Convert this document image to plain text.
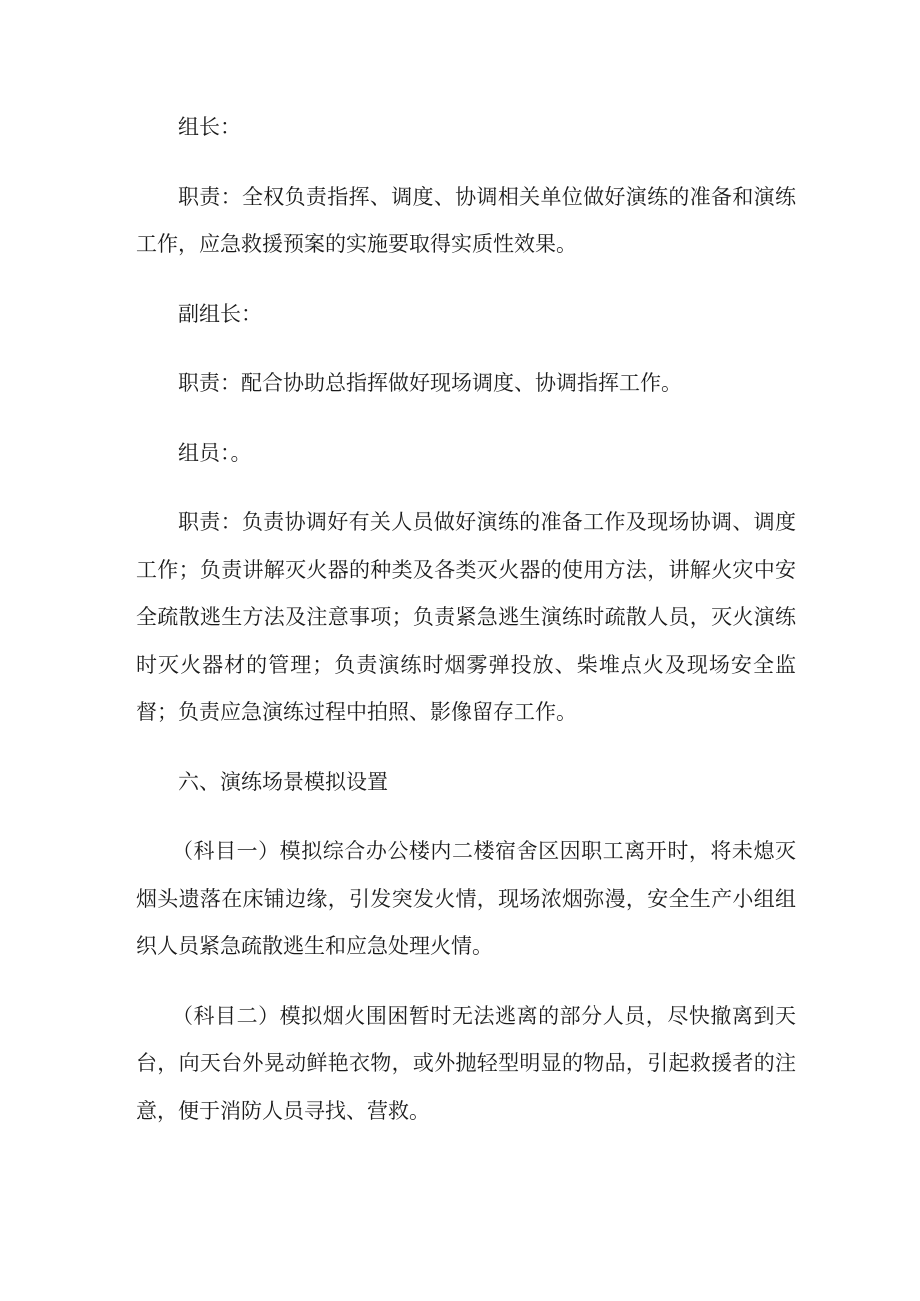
组长：

职责：全权负责指挥、调度、协调相关单位做好演练的准备和演练工作，应急救援预案的实施要取得实质性效果。

副组长：

职责：配合协助总指挥做好现场调度、协调指挥工作。

组员：。

职责：负责协调好有关人员做好演练的准备工作及现场协调、调度工作；负责讲解灭火器的种类及各类灭火器的使用方法，讲解火灾中安全疏散逃生方法及注意事项；负责紧急逃生演练时疏散人员，灭火演练时灭火器材的管理；负责演练时烟雾弹投放、柴堆点火及现场安全监督；负责应急演练过程中拍照、影像留存工作。

六、演练场景模拟设置

（科目一）模拟综合办公楼内二楼宿舍区因职工离开时，将未熄灭烟头遗落在床铺边缘，引发突发火情，现场浓烟弥漫，安全生产小组组织人员紧急疏散逃生和应急处理火情。

（科目二）模拟烟火围困暂时无法逃离的部分人员，尽快撤离到天台，向天台外晃动鲜艳衣物，或外抛轻型明显的物品，引起救援者的注意，便于消防人员寻找、营救。
